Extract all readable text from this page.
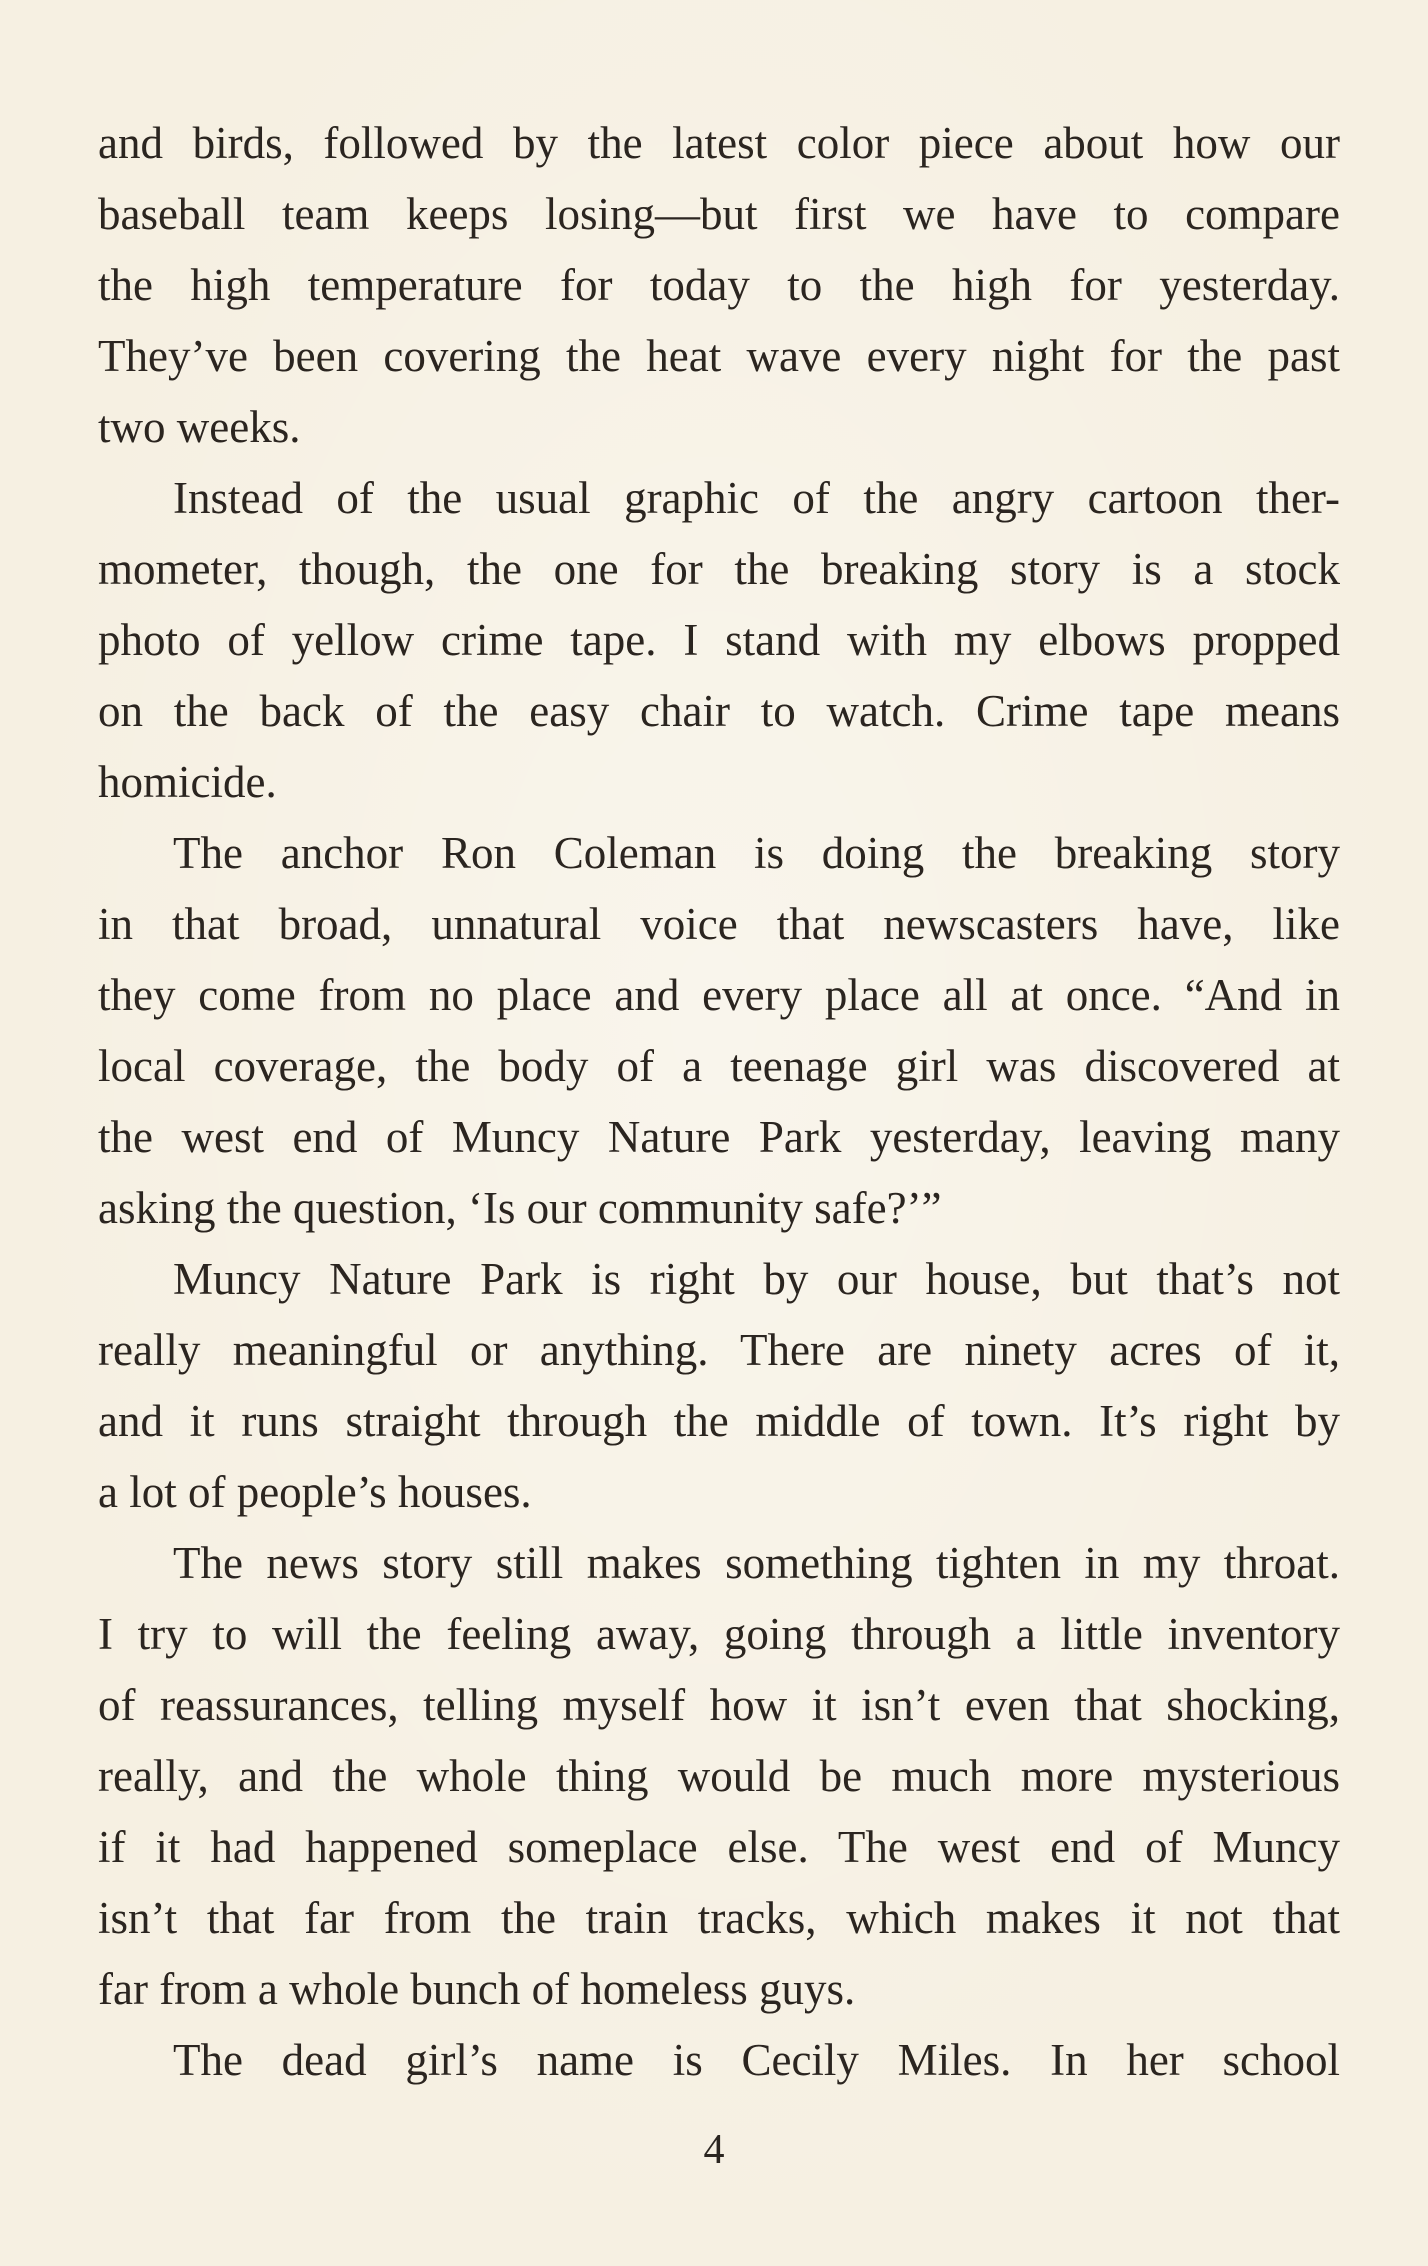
and birds, followed by the latest color piece about how our
baseball team keeps losing—but first we have to compare
the high temperature for today to the high for yesterday.
They’ve been covering the heat wave every night for the past
two weeks.
Instead of the usual graphic of the angry cartoon ther-
mometer, though, the one for the breaking story is a stock
photo of yellow crime tape. I stand with my elbows propped
on the back of the easy chair to watch. Crime tape means
homicide.
The anchor Ron Coleman is doing the breaking story
in that broad, unnatural voice that newscasters have, like
they come from no place and every place all at once. “And in
local coverage, the body of a teenage girl was discovered at
the west end of Muncy Nature Park yesterday, leaving many
asking the question, ‘Is our community safe?’”
Muncy Nature Park is right by our house, but that’s not
really meaningful or anything. There are ninety acres of it,
and it runs straight through the middle of town. It’s right by
a lot of people’s houses.
The news story still makes something tighten in my throat.
I try to will the feeling away, going through a little inventory
of reassurances, telling myself how it isn’t even that shocking,
really, and the whole thing would be much more mysterious
if it had happened someplace else. The west end of Muncy
isn’t that far from the train tracks, which makes it not that
far from a whole bunch of homeless guys.
The dead girl’s name is Cecily Miles. In her school
4
